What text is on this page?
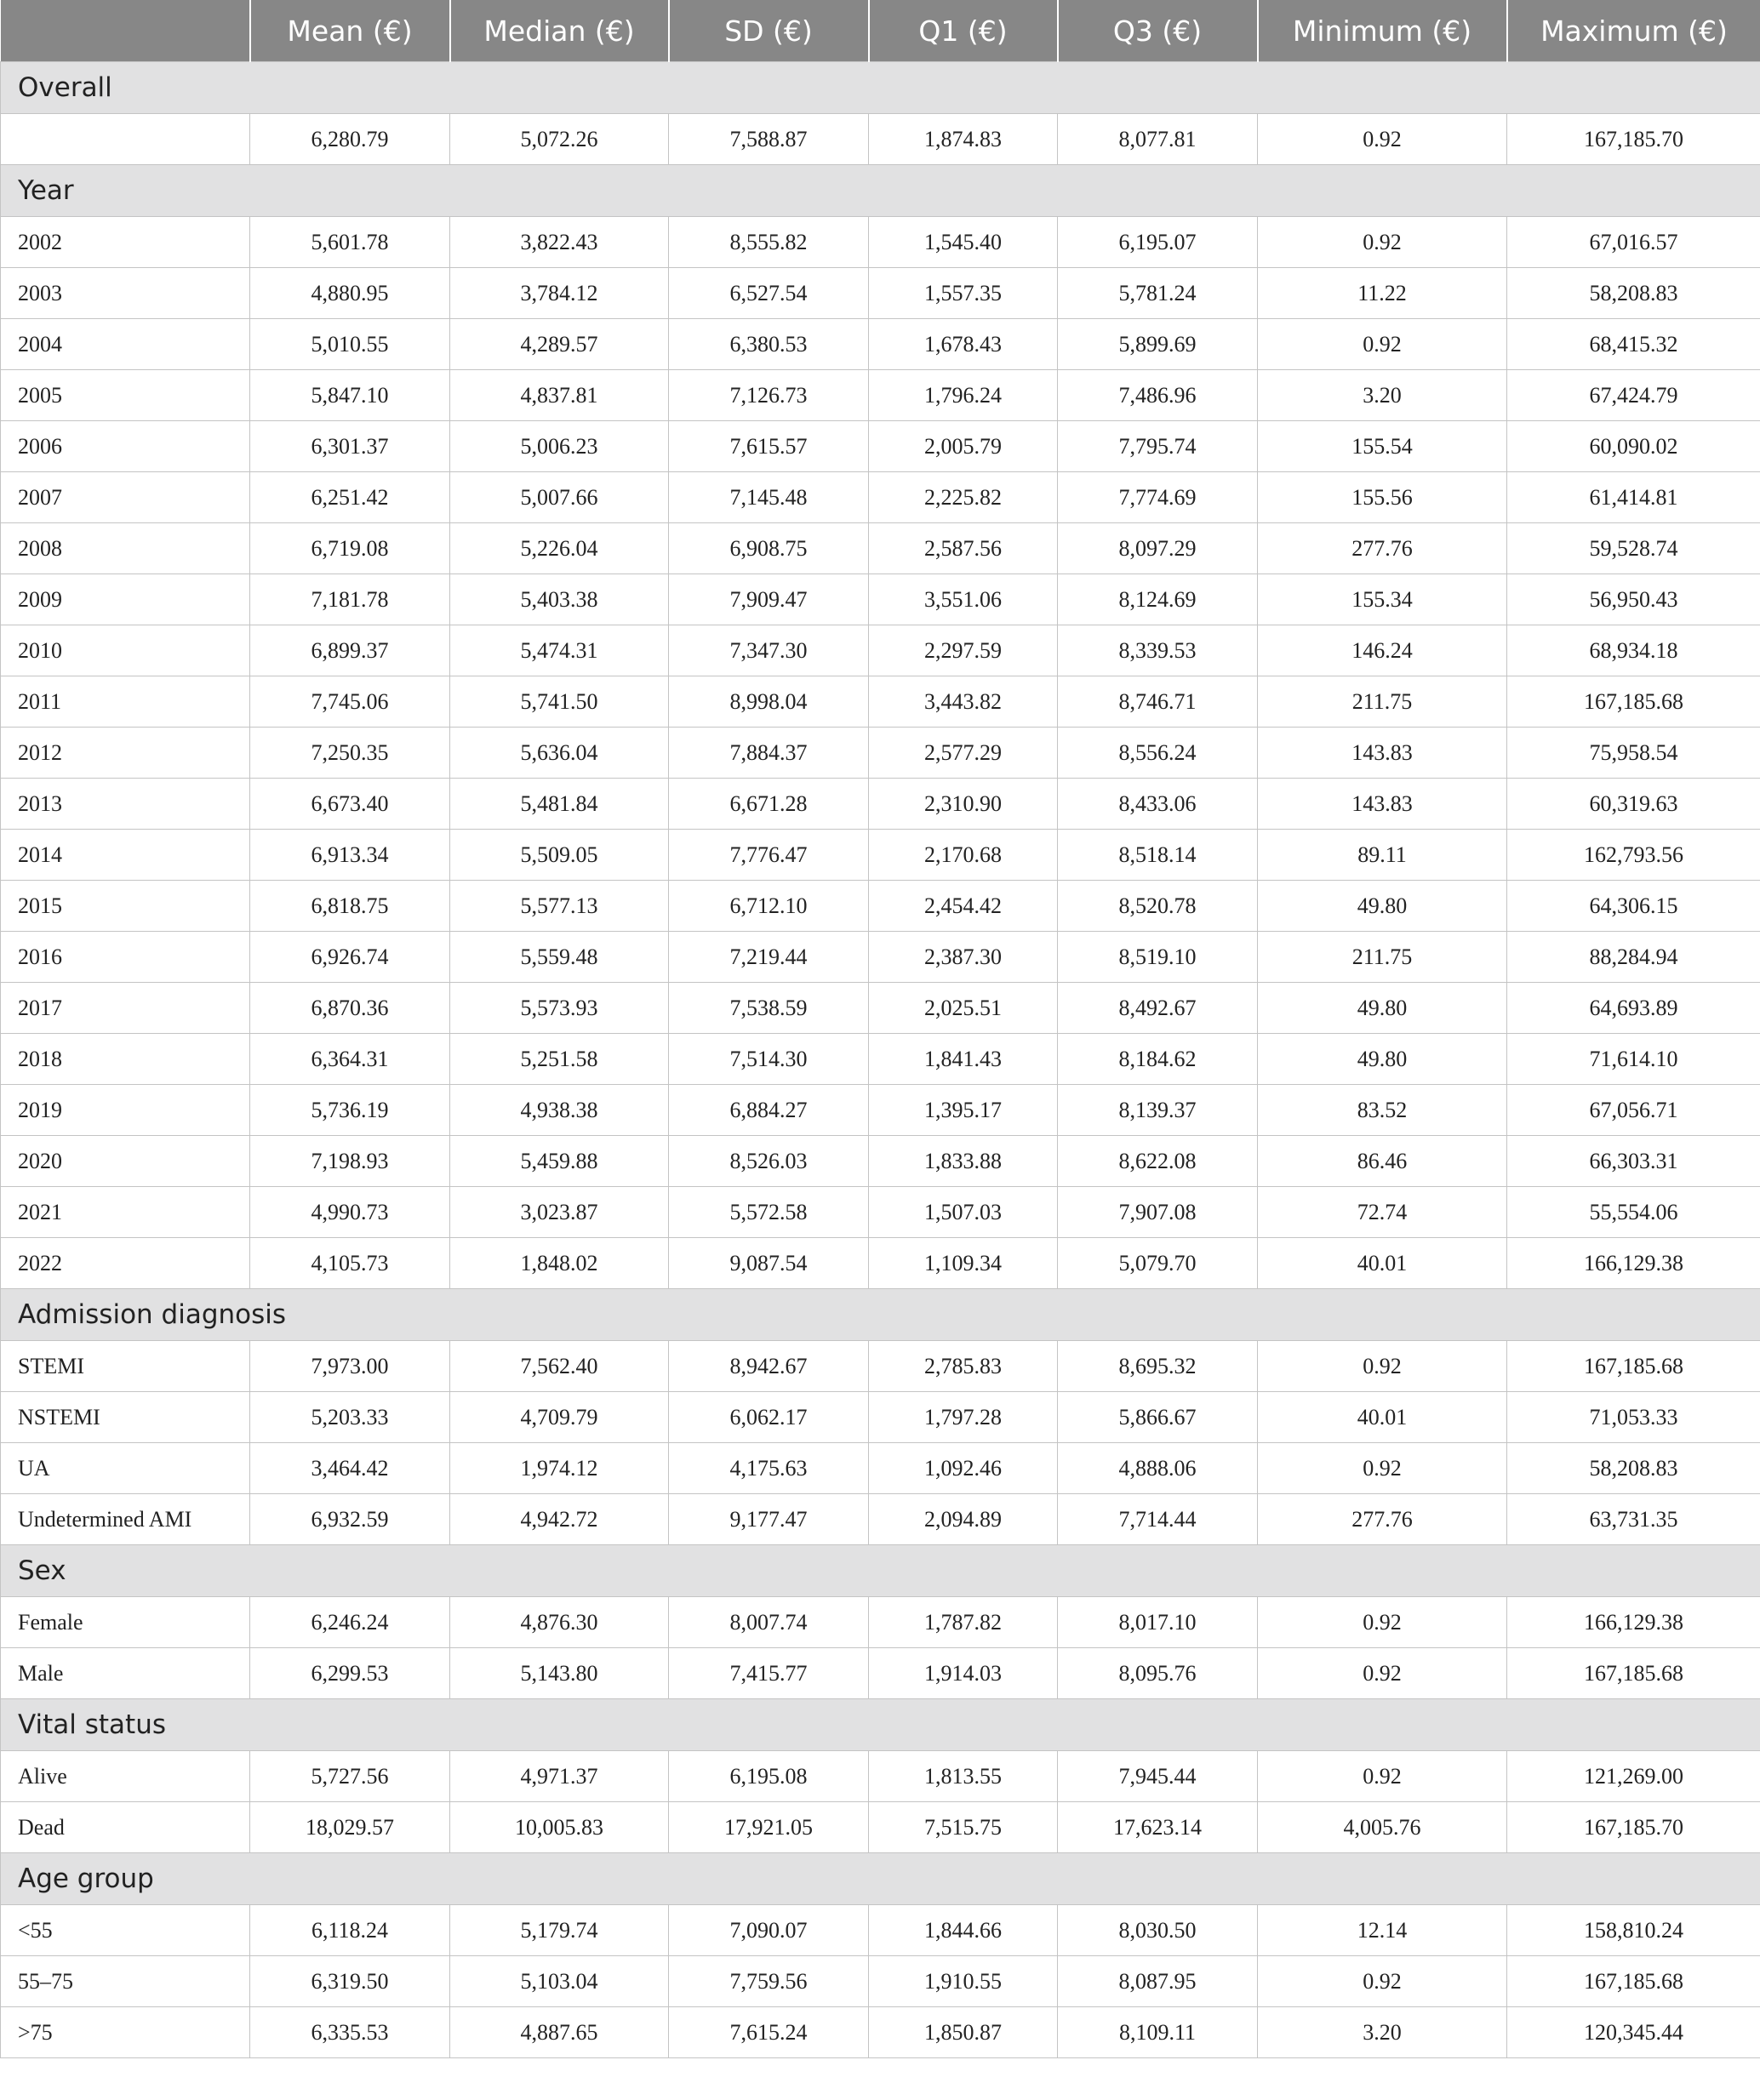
	Mean (€)	Median (€)	SD (€)	Q1 (€)	Q3 (€)	Minimum (€)	Maximum (€)
Overall							
	6,280.79	5,072.26	7,588.87	1,874.83	8,077.81	0.92	167,185.70
Year							
2002	5,601.78	3,822.43	8,555.82	1,545.40	6,195.07	0.92	67,016.57
2003	4,880.95	3,784.12	6,527.54	1,557.35	5,781.24	11.22	58,208.83
2004	5,010.55	4,289.57	6,380.53	1,678.43	5,899.69	0.92	68,415.32
2005	5,847.10	4,837.81	7,126.73	1,796.24	7,486.96	3.20	67,424.79
2006	6,301.37	5,006.23	7,615.57	2,005.79	7,795.74	155.54	60,090.02
2007	6,251.42	5,007.66	7,145.48	2,225.82	7,774.69	155.56	61,414.81
2008	6,719.08	5,226.04	6,908.75	2,587.56	8,097.29	277.76	59,528.74
2009	7,181.78	5,403.38	7,909.47	3,551.06	8,124.69	155.34	56,950.43
2010	6,899.37	5,474.31	7,347.30	2,297.59	8,339.53	146.24	68,934.18
2011	7,745.06	5,741.50	8,998.04	3,443.82	8,746.71	211.75	167,185.68
2012	7,250.35	5,636.04	7,884.37	2,577.29	8,556.24	143.83	75,958.54
2013	6,673.40	5,481.84	6,671.28	2,310.90	8,433.06	143.83	60,319.63
2014	6,913.34	5,509.05	7,776.47	2,170.68	8,518.14	89.11	162,793.56
2015	6,818.75	5,577.13	6,712.10	2,454.42	8,520.78	49.80	64,306.15
2016	6,926.74	5,559.48	7,219.44	2,387.30	8,519.10	211.75	88,284.94
2017	6,870.36	5,573.93	7,538.59	2,025.51	8,492.67	49.80	64,693.89
2018	6,364.31	5,251.58	7,514.30	1,841.43	8,184.62	49.80	71,614.10
2019	5,736.19	4,938.38	6,884.27	1,395.17	8,139.37	83.52	67,056.71
2020	7,198.93	5,459.88	8,526.03	1,833.88	8,622.08	86.46	66,303.31
2021	4,990.73	3,023.87	5,572.58	1,507.03	7,907.08	72.74	55,554.06
2022	4,105.73	1,848.02	9,087.54	1,109.34	5,079.70	40.01	166,129.38
Admission diagnosis							
STEMI	7,973.00	7,562.40	8,942.67	2,785.83	8,695.32	0.92	167,185.68
NSTEMI	5,203.33	4,709.79	6,062.17	1,797.28	5,866.67	40.01	71,053.33
UA	3,464.42	1,974.12	4,175.63	1,092.46	4,888.06	0.92	58,208.83
Undetermined AMI	6,932.59	4,942.72	9,177.47	2,094.89	7,714.44	277.76	63,731.35
Sex							
Female	6,246.24	4,876.30	8,007.74	1,787.82	8,017.10	0.92	166,129.38
Male	6,299.53	5,143.80	7,415.77	1,914.03	8,095.76	0.92	167,185.68
Vital status							
Alive	5,727.56	4,971.37	6,195.08	1,813.55	7,945.44	0.92	121,269.00
Dead	18,029.57	10,005.83	17,921.05	7,515.75	17,623.14	4,005.76	167,185.70
Age group							
<55	6,118.24	5,179.74	7,090.07	1,844.66	8,030.50	12.14	158,810.24
55–75	6,319.50	5,103.04	7,759.56	1,910.55	8,087.95	0.92	167,185.68
>75	6,335.53	4,887.65	7,615.24	1,850.87	8,109.11	3.20	120,345.44
